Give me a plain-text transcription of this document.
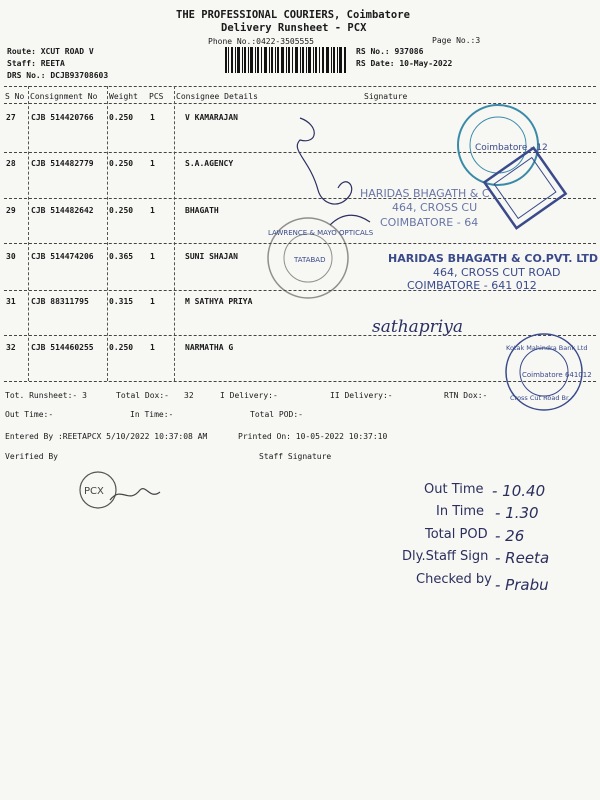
THE PROFESSIONAL COURIERS, Coimbatore
Delivery Runsheet - PCX
Phone No.:0422-3505555	Page No.:3
Route: XCUT ROAD V
Staff: REETA
DRS No.: DCJB93708603
RS No.: 937086
RS Date: 10-May-2022
S No Consignment No Weight PCS Consignee Details	Signature
27 CJB 514420766 0.250 1	V KAMARAJAN
28 CJB 514482779 0.250 1	S.A.AGENCY
29 CJB 514482642 0.250 1	BHAGATH
30 CJB 514474206 0.365 1	SUNI SHAJAN
31 CJB 88311795	0.315 1	M SATHYA PRIYA
32 CJB 514460255 0.250 1	NARMATHA G
Tot. Runsheet:- 3	Total Dox:- 32	I Delivery:-	II Delivery:-	RTN Dox:-
Out Time:-	In Time:-	Total POD:-
Entered By :REETAPCX 5/10/2022 10:37:08 AM	Printed On: 10-05-2022 10:37:10
Verified By	Staff Signature
Coimbatore - 12
HARIDAS BHAGATH & C
464, CROSS CU
COIMBATORE - 64
HARIDAS BHAGATH & CO.PVT. LTD
464, CROSS CUT ROAD
COIMBATORE - 641 012
LAWRENCE & MAYO OPTICALS
TATABAD
sathapriya
Kotak Mahindra Bank Ltd
Coimbatore 641012
Cross Cut Road Br.
PCX	Out Time - 10.40
In Time - 1.30
Total POD - 26
Dly.Staff Sign - Reeta
Checked by - Prabu
